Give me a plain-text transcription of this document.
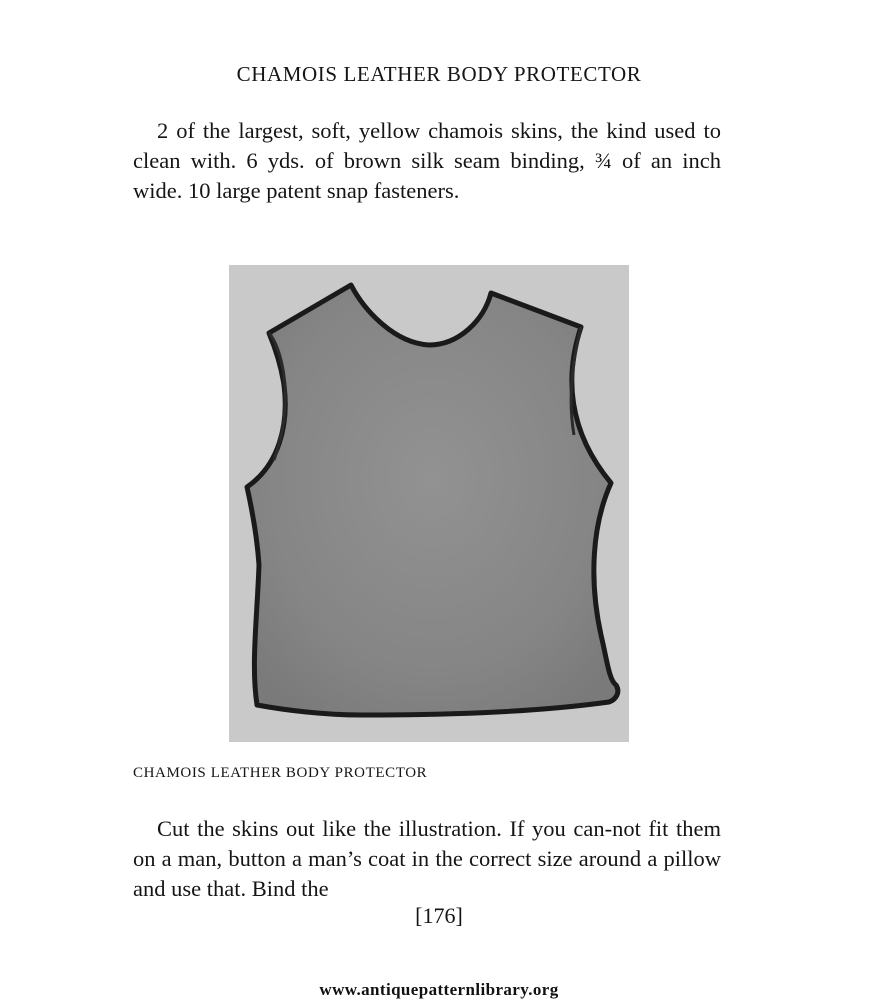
CHAMOIS LEATHER BODY PROTECTOR

2 of the largest, soft, yellow chamois skins, the kind used to clean with. 6 yds. of brown silk seam binding, ¾ of an inch wide. 10 large patent snap fasteners.

CHAMOIS LEATHER BODY PROTECTOR

Cut the skins out like the illustration. If you can-not fit them on a man, button a man’s coat in the correct size around a pillow and use that. Bind the

[176]
www.antiquepatternlibrary.org
